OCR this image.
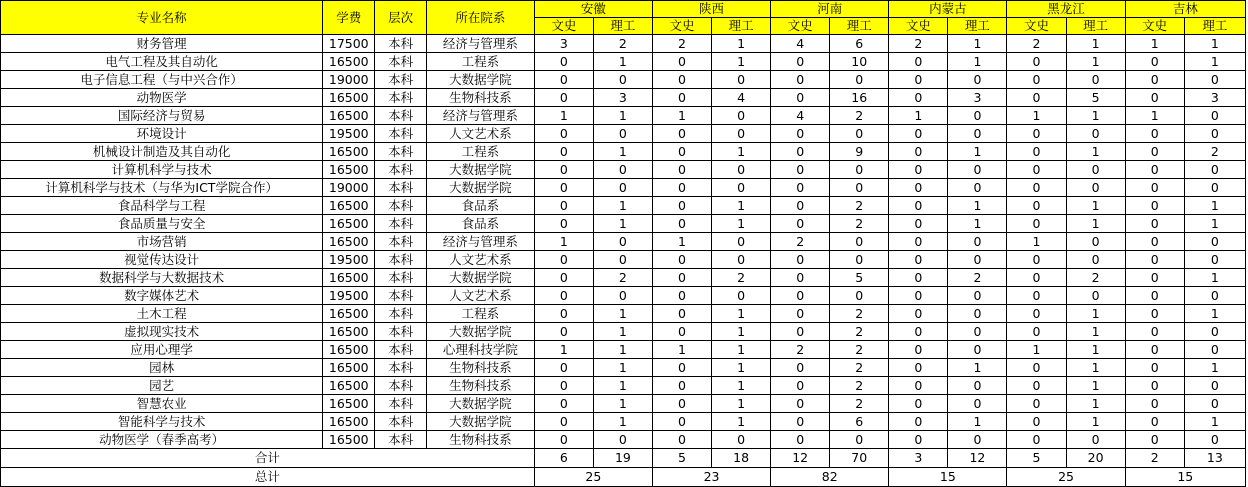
专业名称	学费	层次	所在院系	安徽		陕西		河南		内蒙古		黑龙江		吉林	
				文史	理工	文史	理工	文史	理工	文史	理工	文史	理工	文史	理工
财务管理	17500	本科	经济与管理系	3	2	2	1	4	6	2	1	2	1	1	1
电气工程及其自动化	16500	本科	工程系	0	1	0	1	0	10	0	1	0	1	0	1
电子信息工程（与中兴合作）	19000	本科	大数据学院	0	0	0	0	0	0	0	0	0	0	0	0
动物医学	16500	本科	生物科技系	0	3	0	4	0	16	0	3	0	5	0	3
国际经济与贸易	16500	本科	经济与管理系	1	1	1	0	4	2	1	0	1	1	1	0
环境设计	19500	本科	人文艺术系	0	0	0	0	0	0	0	0	0	0	0	0
机械设计制造及其自动化	16500	本科	工程系	0	1	0	1	0	9	0	1	0	1	0	2
计算机科学与技术	16500	本科	大数据学院	0	0	0	0	0	0	0	0	0	0	0	0
计算机科学与技术（与华为ICT学院合作）	19000	本科	大数据学院	0	0	0	0	0	0	0	0	0	0	0	0
食品科学与工程	16500	本科	食品系	0	1	0	1	0	2	0	1	0	1	0	1
食品质量与安全	16500	本科	食品系	0	1	0	1	0	2	0	1	0	1	0	1
市场营销	16500	本科	经济与管理系	1	0	1	0	2	0	0	0	1	0	0	0
视觉传达设计	19500	本科	人文艺术系	0	0	0	0	0	0	0	0	0	0	0	0
数据科学与大数据技术	16500	本科	大数据学院	0	2	0	2	0	5	0	2	0	2	0	1
数字媒体艺术	19500	本科	人文艺术系	0	0	0	0	0	0	0	0	0	0	0	0
土木工程	16500	本科	工程系	0	1	0	1	0	2	0	0	0	1	0	1
虚拟现实技术	16500	本科	大数据学院	0	1	0	1	0	2	0	0	0	1	0	0
应用心理学	16500	本科	心理科技学院	1	1	1	1	2	2	0	0	1	1	0	0
园林	16500	本科	生物科技系	0	1	0	1	0	2	0	1	0	1	0	1
园艺	16500	本科	生物科技系	0	1	0	1	0	2	0	0	0	1	0	0
智慧农业	16500	本科	大数据学院	0	1	0	1	0	2	0	0	0	1	0	0
智能科学与技术	16500	本科	大数据学院	0	1	0	1	0	6	0	1	0	1	0	1
动物医学（春季高考）	16500	本科	生物科技系	0	0	0	0	0	0	0	0	0	0	0	0
合计				6	19	5	18	12	70	3	12	5	20	2	13
总计				25		23		82		15		25		15	
